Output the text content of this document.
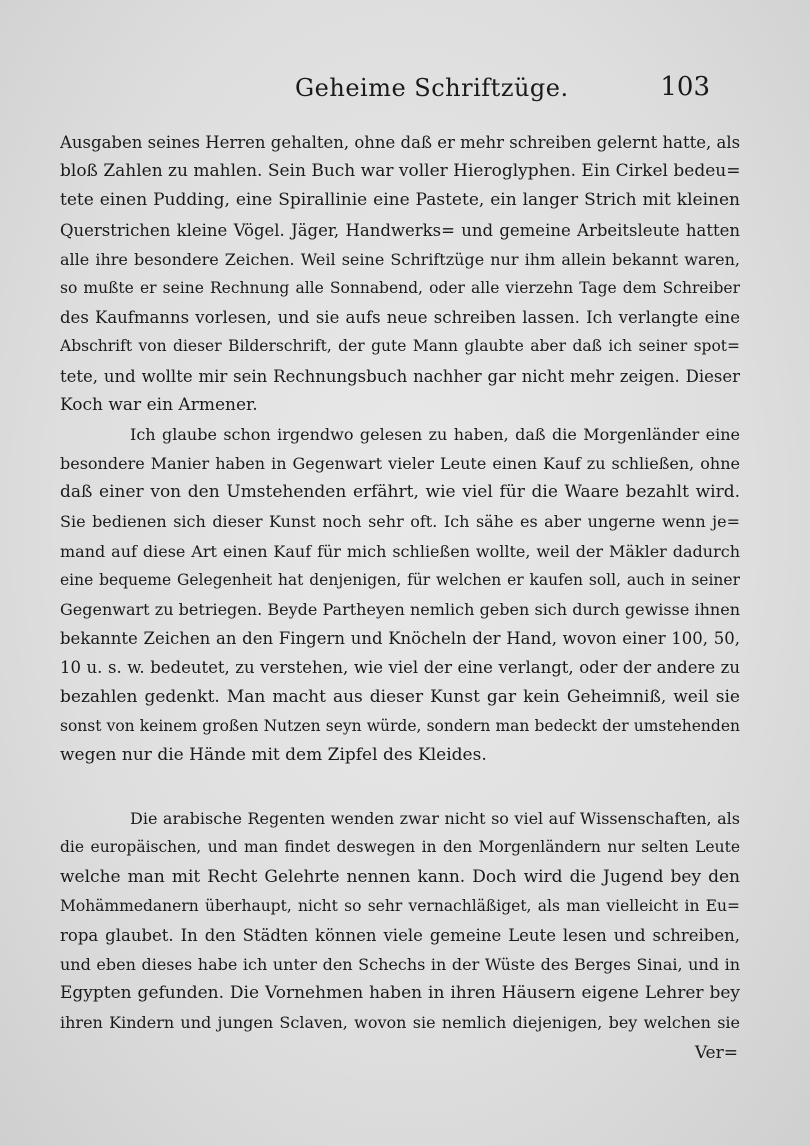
Geheime Schriftzüge.	103
Ausgaben seines Herren gehalten, ohne daß er mehr schreiben gelernt hatte, als
bloß Zahlen zu mahlen. Sein Buch war voller Hieroglyphen. Ein Cirkel bedeu=
tete einen Pudding, eine Spirallinie eine Pastete, ein langer Strich mit kleinen
Querstrichen kleine Vögel. Jäger, Handwerks= und gemeine Arbeitsleute hatten
alle ihre besondere Zeichen. Weil seine Schriftzüge nur ihm allein bekannt waren,
so mußte er seine Rechnung alle Sonnabend, oder alle vierzehn Tage dem Schreiber
des Kaufmanns vorlesen, und sie aufs neue schreiben lassen. Ich verlangte eine
Abschrift von dieser Bilderschrift, der gute Mann glaubte aber daß ich seiner spot=
tete, und wollte mir sein Rechnungsbuch nachher gar nicht mehr zeigen. Dieser
Koch war ein Armener.
Ich glaube schon irgendwo gelesen zu haben, daß die Morgenländer eine
besondere Manier haben in Gegenwart vieler Leute einen Kauf zu schließen, ohne
daß einer von den Umstehenden erfährt, wie viel für die Waare bezahlt wird.
Sie bedienen sich dieser Kunst noch sehr oft. Ich sähe es aber ungerne wenn je=
mand auf diese Art einen Kauf für mich schließen wollte, weil der Mäkler dadurch
eine bequeme Gelegenheit hat denjenigen, für welchen er kaufen soll, auch in seiner
Gegenwart zu betriegen. Beyde Partheyen nemlich geben sich durch gewisse ihnen
bekannte Zeichen an den Fingern und Knöcheln der Hand, wovon einer 100, 50,
10 u. s. w. bedeutet, zu verstehen, wie viel der eine verlangt, oder der andere zu
bezahlen gedenkt. Man macht aus dieser Kunst gar kein Geheimniß, weil sie
sonst von keinem großen Nutzen seyn würde, sondern man bedeckt der umstehenden
wegen nur die Hände mit dem Zipfel des Kleides.
Die arabische Regenten wenden zwar nicht so viel auf Wissenschaften, als
die europäischen, und man findet deswegen in den Morgenländern nur selten Leute
welche man mit Recht Gelehrte nennen kann. Doch wird die Jugend bey den
Mohämmedanern überhaupt, nicht so sehr vernachläßiget, als man vielleicht in Eu=
ropa glaubet. In den Städten können viele gemeine Leute lesen und schreiben,
und eben dieses habe ich unter den Schechs in der Wüste des Berges Sinai, und in
Egypten gefunden. Die Vornehmen haben in ihren Häusern eigene Lehrer bey
ihren Kindern und jungen Sclaven, wovon sie nemlich diejenigen, bey welchen sie
Ver=
